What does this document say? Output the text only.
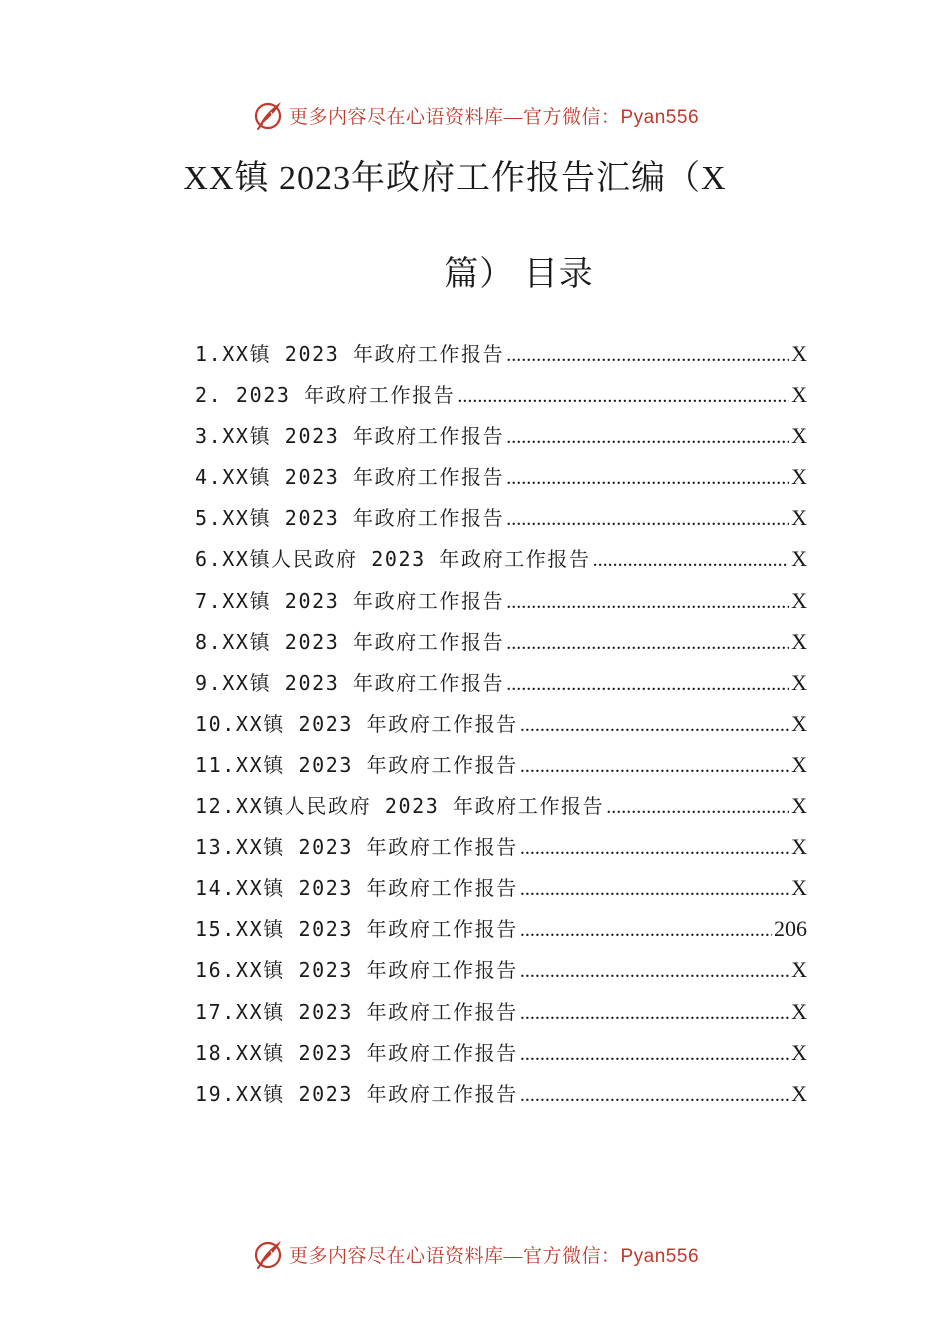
更多内容尽在心语资料库—官方微信：Pyan556
XX镇 2023年政府工作报告汇编（X
篇） 目录
1.XX镇 2023 年政府工作报告 .....	X
2. 2023 年政府工作报告 .....	X
3.XX镇 2023 年政府工作报告 .....	X
4.XX镇 2023 年政府工作报告 .....	X
5.XX镇 2023 年政府工作报告 .....	X
6.XX镇人民政府 2023 年政府工作报告 .....	X
7.XX镇 2023 年政府工作报告 .....	X
8.XX镇 2023 年政府工作报告 .....	X
9.XX镇 2023 年政府工作报告 .....	X
10.XX镇 2023 年政府工作报告 .....	X
11.XX镇 2023 年政府工作报告 .....	X
12.XX镇人民政府 2023 年政府工作报告 .....	X
13.XX镇 2023 年政府工作报告 .....	X
14.XX镇 2023 年政府工作报告 .....	X
15.XX镇 2023 年政府工作报告 .....	206
16.XX镇 2023 年政府工作报告 .....	X
17.XX镇 2023 年政府工作报告 .....	X
18.XX镇 2023 年政府工作报告 .....	X
19.XX镇 2023 年政府工作报告 .....	X
更多内容尽在心语资料库—官方微信：Pyan556
